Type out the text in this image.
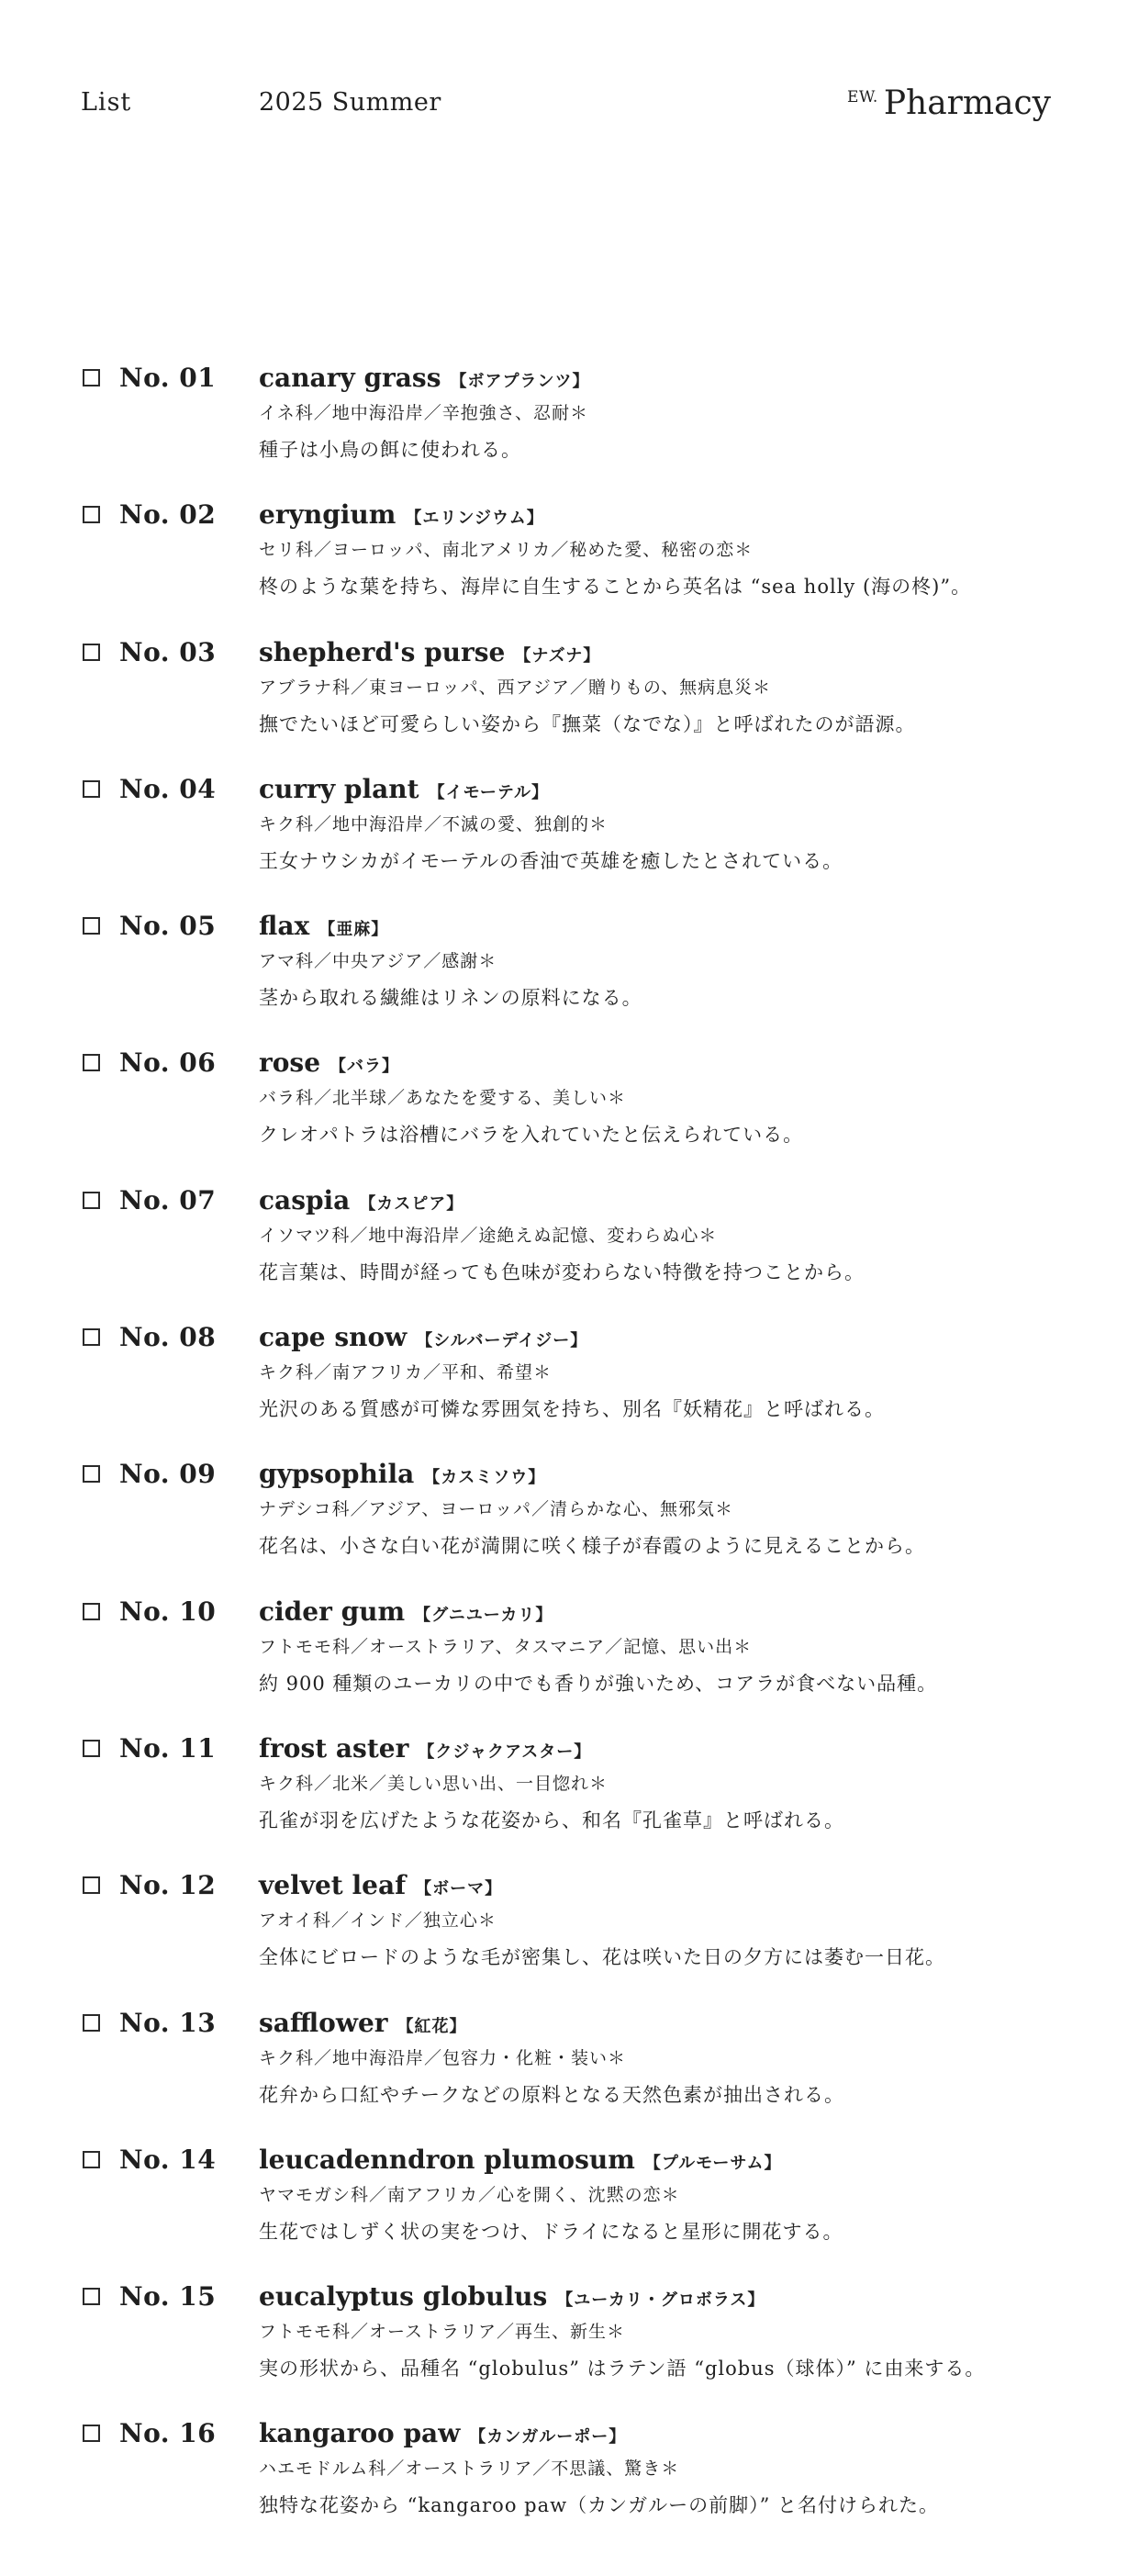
List	2025 Summer	EW. Pharmacy
No. 01 canary grass 【ボアプランツ】
イネ科／地中海沿岸／辛抱強さ、忍耐＊
種子は小鳥の餌に使われる。
No. 02 eryngium 【エリンジウム】
セリ科／ヨーロッパ、南北アメリカ／秘めた愛、秘密の恋＊
柊のような葉を持ち、海岸に自生することから英名は “sea holly (海の柊)”。
No. 03 shepherd's purse 【ナズナ】
アブラナ科／東ヨーロッパ、西アジア／贈りもの、無病息災＊
撫でたいほど可愛らしい姿から『撫菜（なでな）』と呼ばれたのが語源。
No. 04 curry plant 【イモーテル】
キク科／地中海沿岸／不滅の愛、独創的＊
王女ナウシカがイモーテルの香油で英雄を癒したとされている。
No. 05 flax 【亜麻】
アマ科／中央アジア／感謝＊
茎から取れる繊維はリネンの原料になる。
No. 06 rose 【バラ】
バラ科／北半球／あなたを愛する、美しい＊
クレオパトラは浴槽にバラを入れていたと伝えられている。
No. 07 caspia 【カスピア】
イソマツ科／地中海沿岸／途絶えぬ記憶、変わらぬ心＊
花言葉は、時間が経っても色味が変わらない特徴を持つことから。
No. 08 cape snow 【シルバーデイジー】
キク科／南アフリカ／平和、希望＊
光沢のある質感が可憐な雰囲気を持ち、別名『妖精花』と呼ばれる。
No. 09 gypsophila 【カスミソウ】
ナデシコ科／アジア、ヨーロッパ／清らかな心、無邪気＊
花名は、小さな白い花が満開に咲く様子が春霞のように見えることから。
No. 10 cider gum 【グニユーカリ】
フトモモ科／オーストラリア、タスマニア／記憶、思い出＊
約 900 種類のユーカリの中でも香りが強いため、コアラが食べない品種。
No. 11 frost aster 【クジャクアスター】
キク科／北米／美しい思い出、一目惚れ＊
孔雀が羽を広げたような花姿から、和名『孔雀草』と呼ばれる。
No. 12 velvet leaf 【ボーマ】
アオイ科／インド／独立心＊
全体にビロードのような毛が密集し、花は咲いた日の夕方には萎む一日花。
No. 13 safflower 【紅花】
キク科／地中海沿岸／包容力・化粧・装い＊
花弁から口紅やチークなどの原料となる天然色素が抽出される。
No. 14 leucadenndron plumosum 【プルモーサム】
ヤマモガシ科／南アフリカ／心を開く、沈黙の恋＊
生花ではしずく状の実をつけ、ドライになると星形に開花する。
No. 15 eucalyptus globulus 【ユーカリ・グロボラス】
フトモモ科／オーストラリア／再生、新生＊
実の形状から、品種名 “globulus” はラテン語 “globus（球体）” に由来する。
No. 16 kangaroo paw 【カンガルーポー】
ハエモドルム科／オーストラリア／不思議、驚き＊
独特な花姿から “kangaroo paw（カンガルーの前脚）” と名付けられた。
